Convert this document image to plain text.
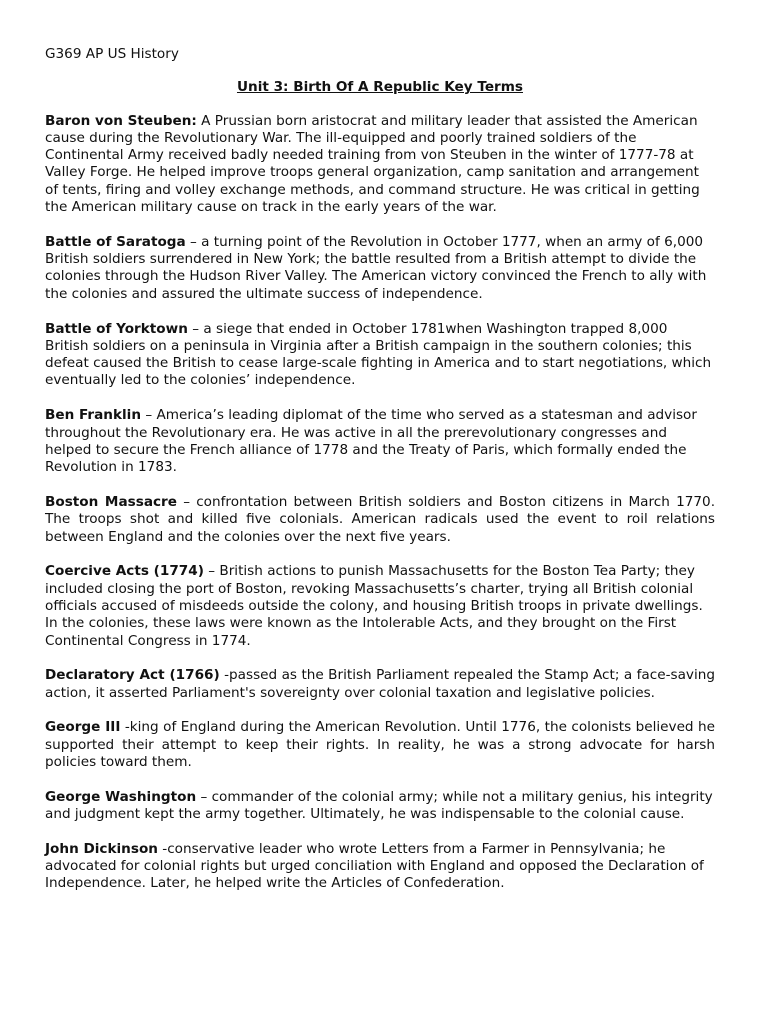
G369 AP US History
Unit 3: Birth Of A Republic Key Terms
Baron von Steuben: A Prussian born aristocrat and military leader that assisted the American cause during the Revolutionary War. The ill-equipped and poorly trained soldiers of the Continental Army received badly needed training from von Steuben in the winter of 1777-78 at Valley Forge. He helped improve troops general organization, camp sanitation and arrangement of tents, firing and volley exchange methods, and command structure. He was critical in getting the American military cause on track in the early years of the war.
Battle of Saratoga – a turning point of the Revolution in October 1777, when an army of 6,000 British soldiers surrendered in New York; the battle resulted from a British attempt to divide the colonies through the Hudson River Valley. The American victory convinced the French to ally with the colonies and assured the ultimate success of independence.
Battle of Yorktown – a siege that ended in October 1781when Washington trapped 8,000 British soldiers on a peninsula in Virginia after a British campaign in the southern colonies; this defeat caused the British to cease large-scale fighting in America and to start negotiations, which eventually led to the colonies’ independence.
Ben Franklin – America’s leading diplomat of the time who served as a statesman and advisor throughout the Revolutionary era. He was active in all the prerevolutionary congresses and helped to secure the French alliance of 1778 and the Treaty of Paris, which formally ended the Revolution in 1783.
Boston Massacre – confrontation between British soldiers and Boston citizens in March 1770. The troops shot and killed five colonials. American radicals used the event to roil relations between England and the colonies over the next five years.
Coercive Acts (1774) – British actions to punish Massachusetts for the Boston Tea Party; they included closing the port of Boston, revoking Massachusetts’s charter, trying all British colonial officials accused of misdeeds outside the colony, and housing British troops in private dwellings. In the colonies, these laws were known as the Intolerable Acts, and they brought on the First Continental Congress in 1774.
Declaratory Act (1766) -passed as the British Parliament repealed the Stamp Act; a face-saving action, it asserted Parliament's sovereignty over colonial taxation and legislative policies.
George III -king of England during the American Revolution. Until 1776, the colonists believed he supported their attempt to keep their rights. In reality, he was a strong advocate for harsh policies toward them.
George Washington – commander of the colonial army; while not a military genius, his integrity and judgment kept the army together. Ultimately, he was indispensable to the colonial cause.
John Dickinson -conservative leader who wrote Letters from a Farmer in Pennsylvania; he advocated for colonial rights but urged conciliation with England and opposed the Declaration of Independence. Later, he helped write the Articles of Confederation.
